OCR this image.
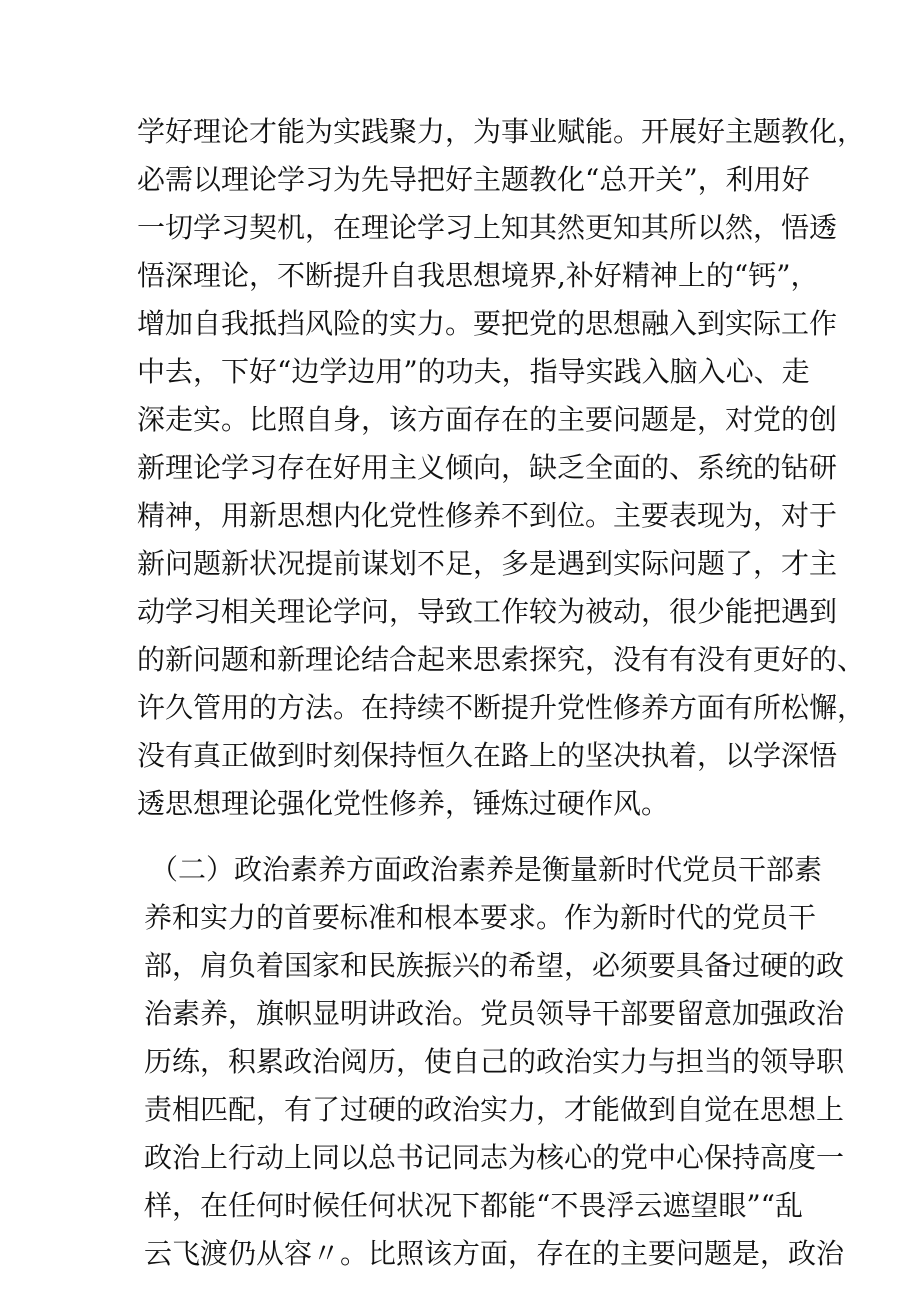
学好理论才能为实践聚力，为事业赋能。开展好主题教化，
必需以理论学习为先导把好主题教化“总开关”，利用好
一切学习契机，在理论学习上知其然更知其所以然，悟透
悟深理论，不断提升自我思想境界,补好精神上的“钙”，
增加自我抵挡风险的实力。要把党的思想融入到实际工作
中去，下好“边学边用”的功夫，指导实践入脑入心、走
深走实。比照自身，该方面存在的主要问题是，对党的创
新理论学习存在好用主义倾向，缺乏全面的、系统的钻研
精神，用新思想内化党性修养不到位。主要表现为，对于
新问题新状况提前谋划不足，多是遇到实际问题了，才主
动学习相关理论学问，导致工作较为被动，很少能把遇到
的新问题和新理论结合起来思索探究，没有有没有更好的、
许久管用的方法。在持续不断提升党性修养方面有所松懈，
没有真正做到时刻保持恒久在路上的坚决执着，以学深悟
透思想理论强化党性修养，锤炼过硬作风。
（二）政治素养方面政治素养是衡量新时代党员干部素
养和实力的首要标准和根本要求。作为新时代的党员干
部，肩负着国家和民族振兴的希望，必须要具备过硬的政
治素养，旗帜显明讲政治。党员领导干部要留意加强政治
历练，积累政治阅历，使自己的政治实力与担当的领导职
责相匹配，有了过硬的政治实力，才能做到自觉在思想上
政治上行动上同以总书记同志为核心的党中心保持高度一
样，在任何时候任何状况下都能“不畏浮云遮望眼”“乱
云飞渡仍从容〃。比照该方面，存在的主要问题是，政治
